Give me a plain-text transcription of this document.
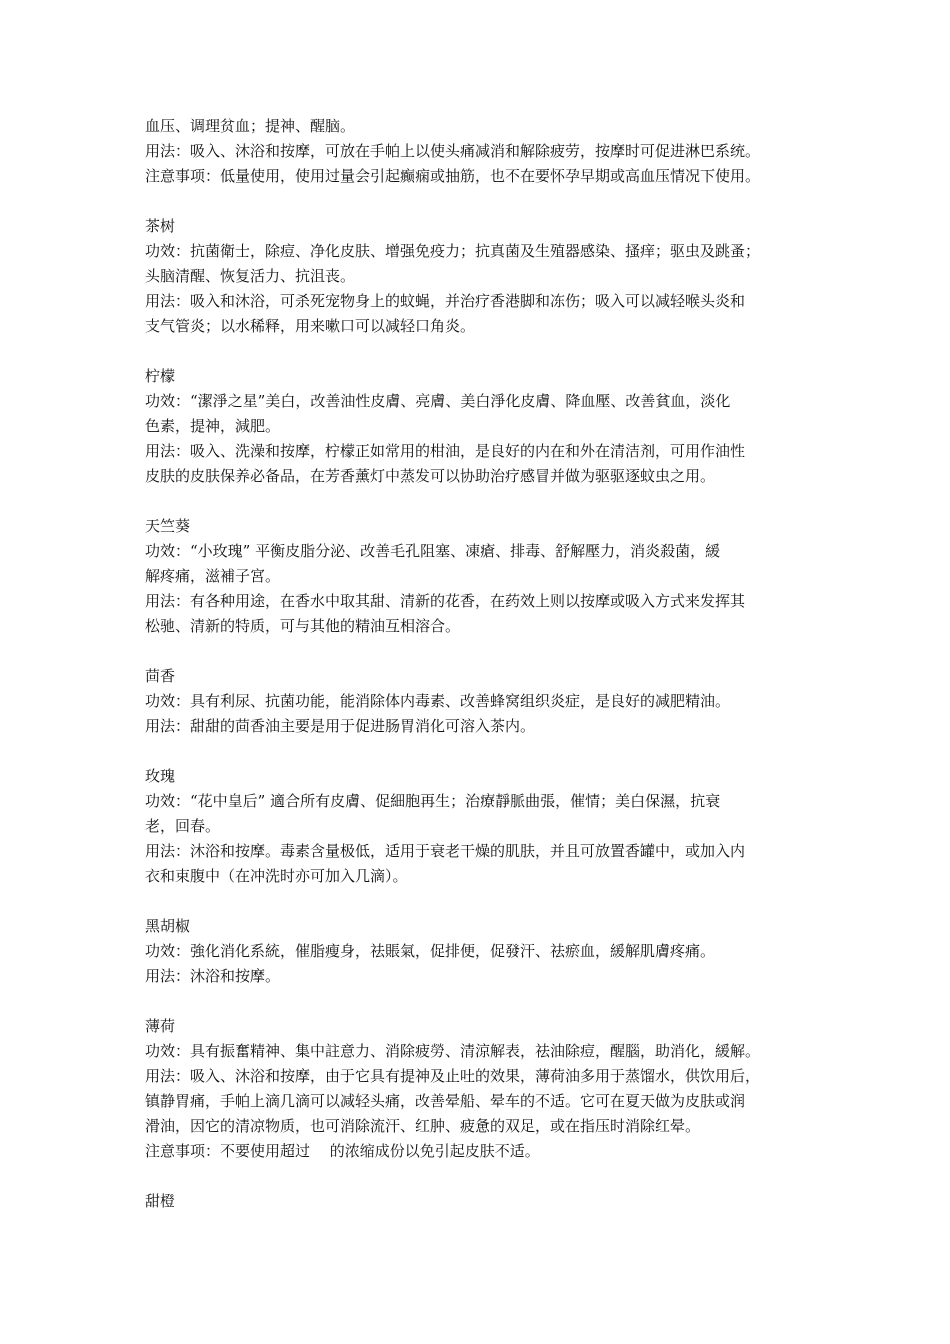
血压、调理贫血；提神、醒脑。
用法：吸入、沐浴和按摩，可放在手帕上以使头痛减消和解除疲劳，按摩时可促进淋巴系统。
注意事项：低量使用，使用过量会引起癫痫或抽筋，也不在要怀孕早期或高血压情况下使用。
茶树
功效：抗菌衛士，除痘、净化皮肤、增强免疫力；抗真菌及生殖器感染、搔痒；驱虫及跳蚤；
头脑清醒、恢复活力、抗沮丧。
用法：吸入和沐浴，可杀死宠物身上的蚊蝇，并治疗香港脚和冻伤；吸入可以减轻喉头炎和
支气管炎；以水稀释，用来嗽口可以减轻口角炎。
柠檬
功效：“潔淨之星”美白，改善油性皮膚、亮膚、美白淨化皮膚、降血壓、改善貧血，淡化
色素，提神，減肥。
用法：吸入、洗澡和按摩，柠檬正如常用的柑油，是良好的内在和外在清洁剂，可用作油性
皮肤的皮肤保养必备品，在芳香薰灯中蒸发可以协助治疗感冒并做为驱驱逐蚊虫之用。
天竺葵
功效：“小玫瑰” 平衡皮脂分泌、改善毛孔阻塞、凍瘡、排毒、舒解壓力，消炎殺菌，緩
解疼痛，滋補子宮。
用法：有各种用途，在香水中取其甜、清新的花香，在药效上则以按摩或吸入方式来发挥其
松驰、清新的特质，可与其他的精油互相溶合。
茴香
功效：具有利尿、抗菌功能，能消除体内毒素、改善蜂窝组织炎症，是良好的减肥精油。
用法：甜甜的茴香油主要是用于促进肠胃消化可溶入茶内。
玫瑰
功效：“花中皇后” 適合所有皮膚、促細胞再生；治療靜脈曲張，催情；美白保濕，抗衰
老，回春。
用法：沐浴和按摩。毒素含量极低，适用于衰老干燥的肌肤，并且可放置香罐中，或加入内
衣和束腹中（在冲洗时亦可加入几滴）。
黑胡椒
功效：強化消化系統，催脂瘦身，祛賬氣，促排便，促發汗、祛瘀血，緩解肌膚疼痛。
用法：沐浴和按摩。
薄荷
功效：具有振奮精神、集中註意力、消除疲勞、清涼解表，祛油除痘，醒腦，助消化，緩解。
用法：吸入、沐浴和按摩，由于它具有提神及止吐的效果，薄荷油多用于蒸馏水，供饮用后，
镇静胃痛，手帕上滴几滴可以减轻头痛，改善晕船、晕车的不适。它可在夏天做为皮肤或润
滑油，因它的清凉物质，也可消除流汗、红肿、疲惫的双足，或在指压时消除红晕。
注意事项：不要使用超过　 的浓缩成份以免引起皮肤不适。
甜橙
